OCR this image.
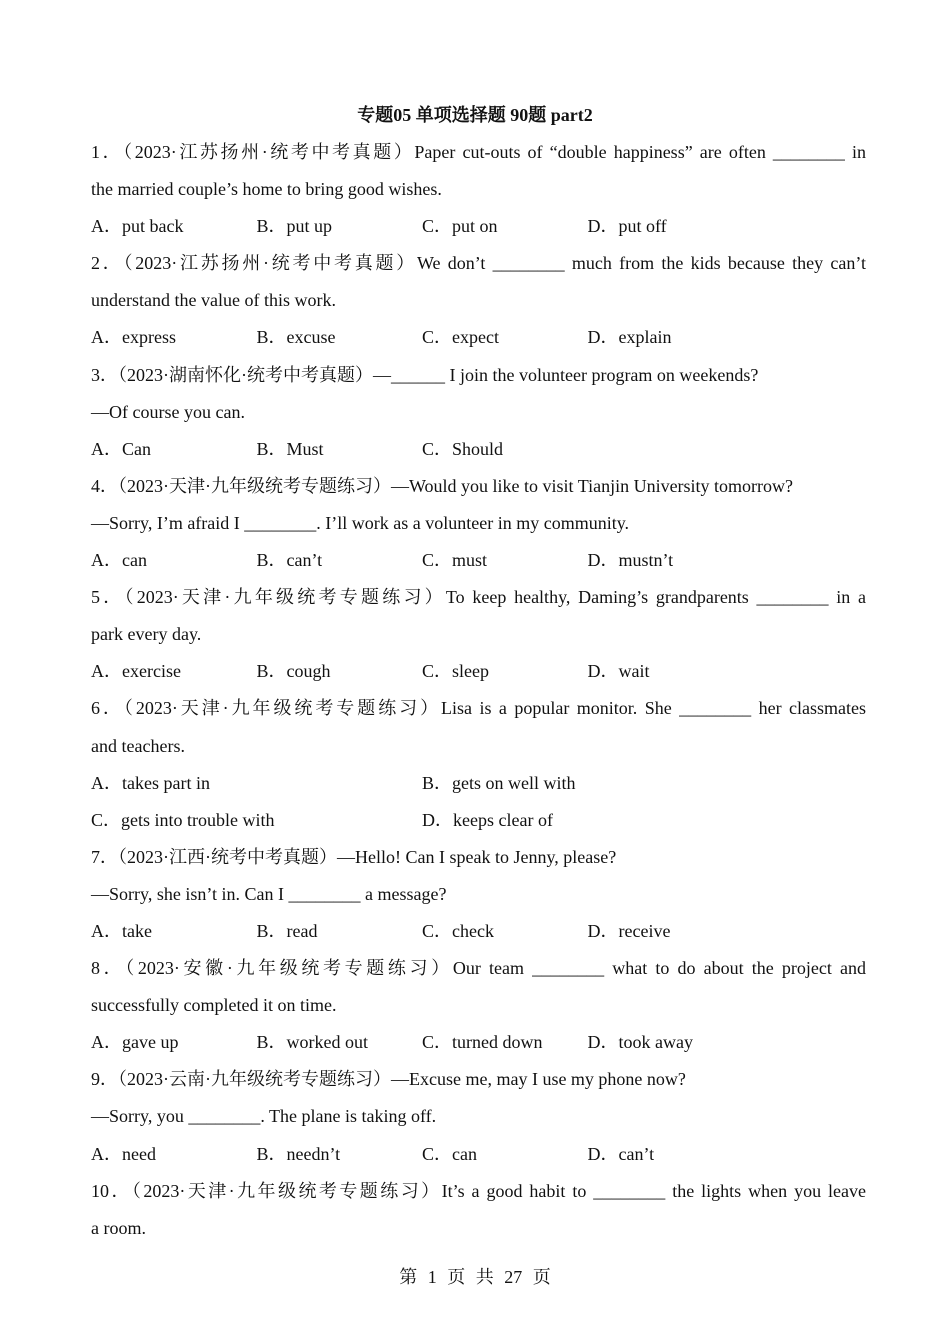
专题05 单项选择题 90题 part2
1．（2023·江苏扬州·统考中考真题）Paper cut-outs of “double happiness” are often ________ in
the married couple’s home to bring good wishes.
A．put back	B．put up	C．put on	D．put off
2．（2023·江苏扬州·统考中考真题）We don’t ________ much from the kids because they can’t
understand the value of this work.
A．express	B．excuse	C．expect	D．explain
3．（2023·湖南怀化·统考中考真题）—______ I join the volunteer program on weekends?
—Of course you can.
A．Can	B．Must	C．Should
4．（2023·天津·九年级统考专题练习）—Would you like to visit Tianjin University tomorrow?
—Sorry, I’m afraid I ________. I’ll work as a volunteer in my community.
A．can	B．can’t	C．must	D．mustn’t
5．（2023·天津·九年级统考专题练习）To keep healthy, Daming’s grandparents ________ in a
park every day.
A．exercise	B．cough	C．sleep	D．wait
6．（2023·天津·九年级统考专题练习）Lisa is a popular monitor. She ________ her classmates
and teachers.
A．takes part in	B．gets on well with
C．gets into trouble with	D．keeps clear of
7．（2023·江西·统考中考真题）—Hello! Can I speak to Jenny, please?
—Sorry, she isn’t in. Can I ________ a message?
A．take	B．read	C．check	D．receive
8．（2023·安徽·九年级统考专题练习）Our team ________ what to do about the project and
successfully completed it on time.
A．gave up	B．worked out	C．turned down	D．took away
9．（2023·云南·九年级统考专题练习）—Excuse me, may I use my phone now?
—Sorry, you ________. The plane is taking off.
A．need	B．needn’t	C．can	D．can’t
10．（2023·天津·九年级统考专题练习）It’s a good habit to ________ the lights when you leave
a room.
第 1 页 共 27 页
